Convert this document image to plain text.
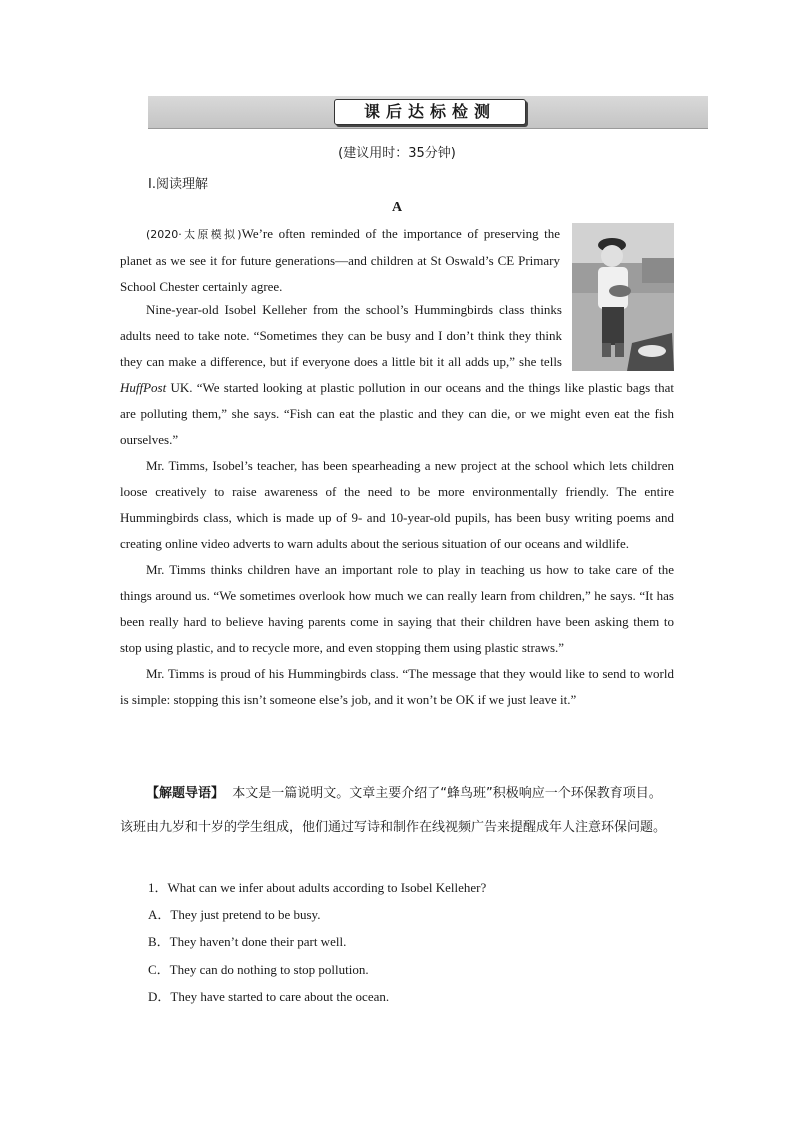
课后达标检测
(建议用时：35分钟)
Ⅰ.阅读理解
A

(2020·太原模拟)We’re often reminded of the importance of preserving the planet as we see it for future generations—and children at St Oswald’s CE Primary School Chester certainly agree.

Nine-year-old Isobel Kelleher from the school’s Hummingbirds class thinks adults need to take note. “Sometimes they can be busy and I don’t think they think they can make a difference, but if everyone does a little bit it all adds up,” she tells HuffPost UK. “We started looking at plastic pollution in our oceans and the things like plastic bags that are polluting them,” she says. “Fish can eat the plastic and they can die, or we might even eat the fish ourselves.”

Mr. Timms, Isobel’s teacher, has been spearheading a new project at the school which lets children loose creatively to raise awareness of the need to be more environmentally friendly. The entire Hummingbirds class, which is made up of 9- and 10-year-old pupils, has been busy writing poems and creating online video adverts to warn adults about the serious situation of our oceans and wildlife.

Mr. Timms thinks children have an important role to play in teaching us how to take care of the things around us. “We sometimes overlook how much we can really learn from children,” he says. “It has been really hard to believe having parents come in saying that their children have been asking them to stop using plastic, and to recycle more, and even stopping them using plastic straws.”

Mr. Timms is proud of his Hummingbirds class. “The message that they would like to send to world is simple: stopping this isn’t someone else’s job, and it won’t be OK if we just leave it.”

【解题导语】 本文是一篇说明文。文章主要介绍了“蜂鸟班”积极响应一个环保教育项目。该班由九岁和十岁的学生组成，他们通过写诗和制作在线视频广告来提醒成年人注意环保问题。
1．What can we infer about adults according to Isobel Kelleher?
A．They just pretend to be busy.
B．They haven’t done their part well.
C．They can do nothing to stop pollution.
D．They have started to care about the ocean.
